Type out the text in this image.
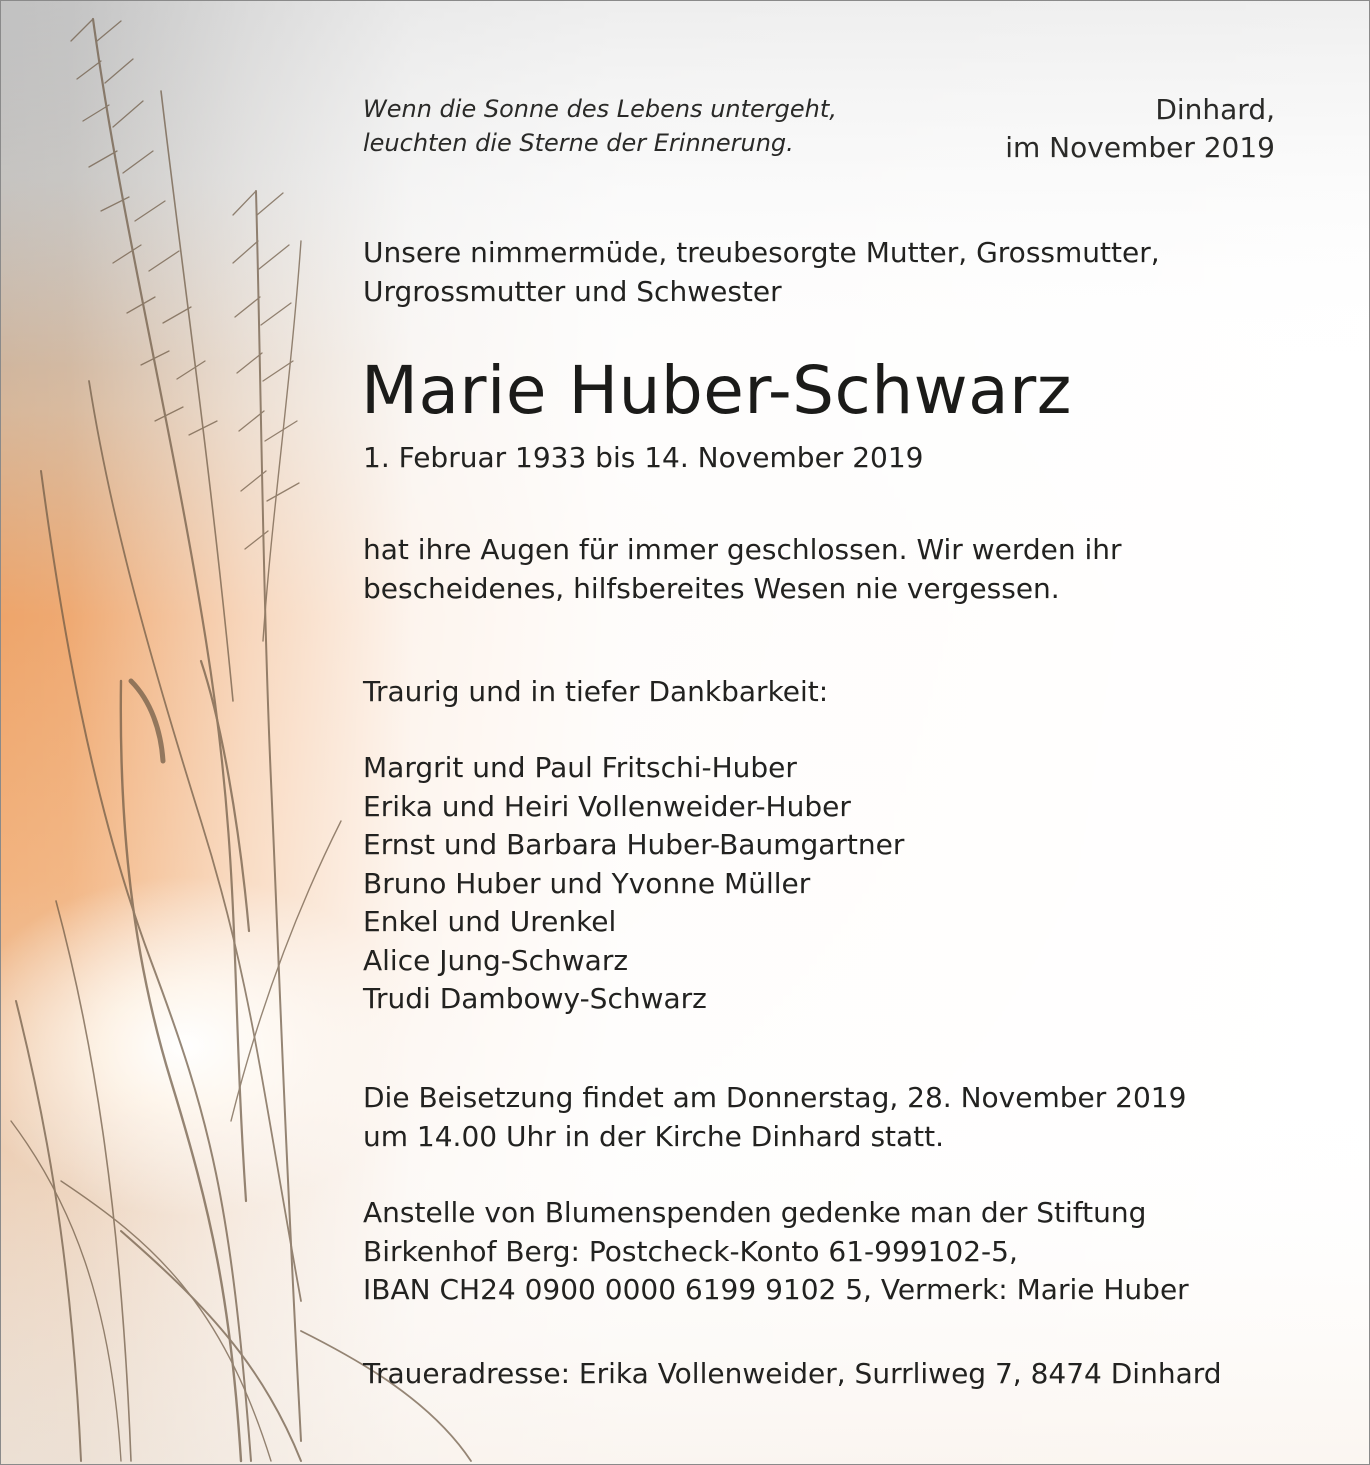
Wenn die Sonne des Lebens untergeht,
leuchten die Sterne der Erinnerung.
Dinhard,
im November 2019
Unsere nimmermüde, treubesorgte Mutter, Grossmutter,
Urgrossmutter und Schwester
Marie Huber-Schwarz
1. Februar 1933 bis 14. November 2019
hat ihre Augen für immer geschlossen. Wir werden ihr
bescheidenes, hilfsbereites Wesen nie vergessen.
Traurig und in tiefer Dankbarkeit:
Margrit und Paul Fritschi-Huber
Erika und Heiri Vollenweider-Huber
Ernst und Barbara Huber-Baumgartner
Bruno Huber und Yvonne Müller
Enkel und Urenkel
Alice Jung-Schwarz
Trudi Dambowy-Schwarz
Die Beisetzung findet am Donnerstag, 28. November 2019
um 14.00 Uhr in der Kirche Dinhard statt.
Anstelle von Blumenspenden gedenke man der Stiftung
Birkenhof Berg: Postcheck-Konto 61-999102-5,
IBAN CH24 0900 0000 6199 9102 5, Vermerk: Marie Huber
Traueradresse: Erika Vollenweider, Surrliweg 7, 8474 Dinhard
